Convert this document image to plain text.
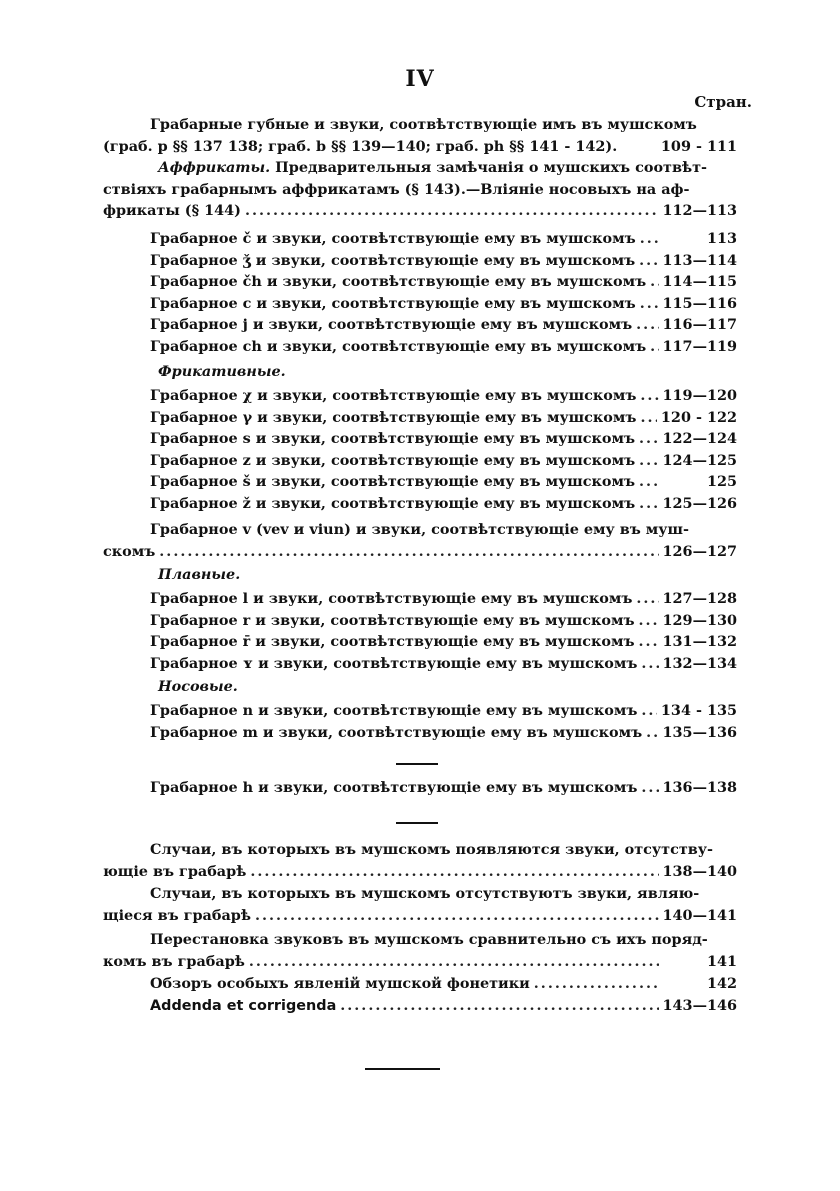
IV
Стран.
Грабарные губные и звуки, соотвѣтствующіе имъ въ мушскомъ
(граб. p §§ 137 138; граб. b §§ 139—140; граб. ph §§ 141 - 142).	109 - 111
Аффрикаты. Предварительныя замѣчанія о мушскихъ соотвѣт-
ствіяхъ грабарнымъ аффрикатамъ (§ 143).—Вліяніе носовыхъ на аф-
фрикаты (§ 144) .....	112—113
Грабарное č и звуки, соотвѣтствующіе ему въ мушскомъ .....	113
Грабарное ǯ и звуки, соотвѣтствующіе ему въ мушскомъ ..... 113—114
Грабарное čh и звуки, соотвѣтствующіе ему въ мушскомъ ..... 114—115
Грабарное c и звуки, соотвѣтствующіе ему въ мушскомъ ..... 115—116
Грабарное j и звуки, соотвѣтствующіе ему въ мушскомъ ..... 116—117
Грабарное ch и звуки, соотвѣтствующіе ему въ мушскомъ ..... 117—119
Фрикативные.
Грабарное χ и звуки, соотвѣтствующіе ему въ мушскомъ ..... 119—120
Грабарное γ и звуки, соотвѣтствующіе ему въ мушскомъ ..... 120 - 122
Грабарное s и звуки, соотвѣтствующіе ему въ мушскомъ ..... 122—124
Грабарное z и звуки, соотвѣтствующіе ему въ мушскомъ ..... 124—125
Грабарное š и звуки, соотвѣтствующіе ему въ мушскомъ .....	125
Грабарное ž и звуки, соотвѣтствующіе ему въ мушскомъ ..... 125—126
Грабарное v (vev и viun) и звуки, соотвѣтствующіе ему въ муш-
скомъ .....	126—127
Плавные.
Грабарное l и звуки, соотвѣтствующіе ему въ мушскомъ ..... 127—128
Грабарное r и звуки, соотвѣтствующіе ему въ мушскомъ ..... 129—130
Грабарное r̄ и звуки, соотвѣтствующіе ему въ мушскомъ ..... 131—132
Грабарное ʏ и звуки, соотвѣтствующіе ему въ мушскомъ ..... 132—134
Носовые.
Грабарное n и звуки, соотвѣтствующіе ему въ мушскомъ ..... 134 - 135
Грабарное m и звуки, соотвѣтствующіе ему въ мушскомъ ..... 135—136
Грабарное h и звуки, соотвѣтствующіе ему въ мушскомъ ..... 136—138
Случаи, въ которыхъ въ мушскомъ появляются звуки, отсутству-
ющіе въ грабарѣ .....	138—140
Случаи, въ которыхъ въ мушскомъ отсутствуютъ звуки, являю-
щіеся въ грабарѣ .....	140—141
Перестановка звуковъ въ мушскомъ сравнительно съ ихъ поряд-
комъ въ грабарѣ .....	141
Обзоръ особыхъ явленій мушской фонетики .....	142
Addenda et corrigenda .....	143—146
